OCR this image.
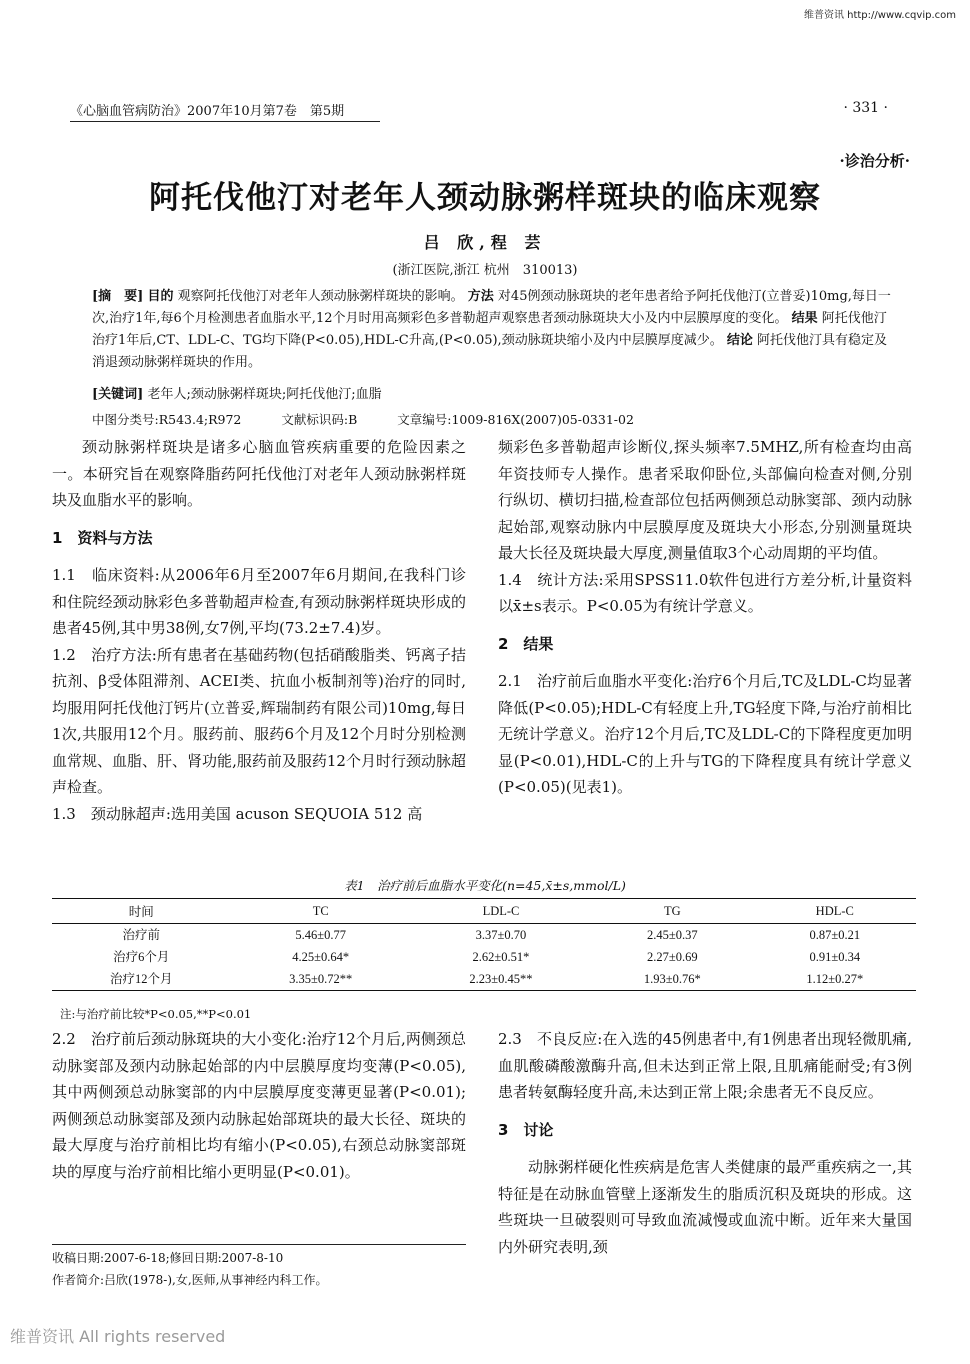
维普资讯 http://www.cqvip.com
《心脑血管病防治》2007年10月第7卷　第5期	· 331 ·
·诊治分析·
阿托伐他汀对老年人颈动脉粥样斑块的临床观察
吕 欣,程 芸
(浙江医院,浙江 杭州　310013)
[摘　要] 目的 观察阿托伐他汀对老年人颈动脉粥样斑块的影响。 方法 对45例颈动脉斑块的老年患者给予阿托伐他汀(立普妥)10mg,每日一次,治疗1年,每6个月检测患者血脂水平,12个月时用高频彩色多普勒超声观察患者颈动脉斑块大小及内中层膜厚度的变化。 结果 阿托伐他汀治疗1年后,CT、LDL-C、TG均下降(P<0.05),HDL-C升高,(P<0.05),颈动脉斑块缩小及内中层膜厚度减少。 结论 阿托伐他汀具有稳定及消退颈动脉粥样斑块的作用。
[关键词] 老年人;颈动脉粥样斑块;阿托伐他汀;血脂
中图分类号:R543.4;R972	文献标识码:B	文章编号:1009-816X(2007)05-0331-02

颈动脉粥样斑块是诸多心脑血管疾病重要的危险因素之一。本研究旨在观察降脂药阿托伐他汀对老年人颈动脉粥样斑块及血脂水平的影响。

1　资料与方法

1.1　临床资料:从2006年6月至2007年6月期间,在我科门诊和住院经颈动脉彩色多普勒超声检查,有颈动脉粥样斑块形成的患者45例,其中男38例,女7例,平均(73.2±7.4)岁。

1.2　治疗方法:所有患者在基础药物(包括硝酸脂类、钙离子拮抗剂、β受体阻滞剂、ACEI类、抗血小板制剂等)治疗的同时,均服用阿托伐他汀钙片(立普妥,辉瑞制药有限公司)10mg,每日1次,共服用12个月。服药前、服药6个月及12个月时分别检测血常规、血脂、肝、肾功能,服药前及服药12个月时行颈动脉超声检查。

1.3　颈动脉超声:选用美国 acuson SEQUOIA 512 高

频彩色多普勒超声诊断仪,探头频率7.5MHZ,所有检查均由高年资技师专人操作。患者采取仰卧位,头部偏向检查对侧,分别行纵切、横切扫描,检查部位包括两侧颈总动脉窦部、颈内动脉起始部,观察动脉内中层膜厚度及斑块大小形态,分别测量斑块最大长径及斑块最大厚度,测量值取3个心动周期的平均值。

1.4　统计方法:采用SPSS11.0软件包进行方差分析,计量资料以x̄±s表示。P<0.05为有统计学意义。

2　结果

2.1　治疗前后血脂水平变化:治疗6个月后,TC及LDL-C均显著降低(P<0.05);HDL-C有轻度上升,TG轻度下降,与治疗前相比无统计学意义。治疗12个月后,TC及LDL-C的下降程度更加明显(P<0.01),HDL-C的上升与TG的下降程度具有统计学意义(P<0.05)(见表1)。

表1　治疗前后血脂水平变化(n=45,x̄±s,mmol/L)
时间	TC	LDL-C	TG	HDL-C
治疗前	5.46±0.77	3.37±0.70	2.45±0.37	0.87±0.21
治疗6个月	4.25±0.64*	2.62±0.51*	2.27±0.69	0.91±0.34
治疗12个月	3.35±0.72**	2.23±0.45**	1.93±0.76*	1.12±0.27*
注:与治疗前比较*P<0.05,**P<0.01

2.2　治疗前后颈动脉斑块的大小变化:治疗12个月后,两侧颈总动脉窦部及颈内动脉起始部的内中层膜厚度均变薄(P<0.05),其中两侧颈总动脉窦部的内中层膜厚度变薄更显著(P<0.01);两侧颈总动脉窦部及颈内动脉起始部斑块的最大长径、斑块的最大厚度与治疗前相比均有缩小(P<0.05),右颈总动脉窦部斑块的厚度与治疗前相比缩小更明显(P<0.01)。

2.3　不良反应:在入选的45例患者中,有1例患者出现轻微肌痛,血肌酸磷酸激酶升高,但未达到正常上限,且肌痛能耐受;有3例患者转氨酶轻度升高,未达到正常上限;余患者无不良反应。

3　讨论

动脉粥样硬化性疾病是危害人类健康的最严重疾病之一,其特征是在动脉血管壁上逐渐发生的脂质沉积及斑块的形成。这些斑块一旦破裂则可导致血流减慢或血流中断。近年来大量国内外研究表明,颈

收稿日期:2007-6-18;修回日期:2007-8-10
作者简介:吕欣(1978-),女,医师,从事神经内科工作。
维普资讯 All rights reserved
